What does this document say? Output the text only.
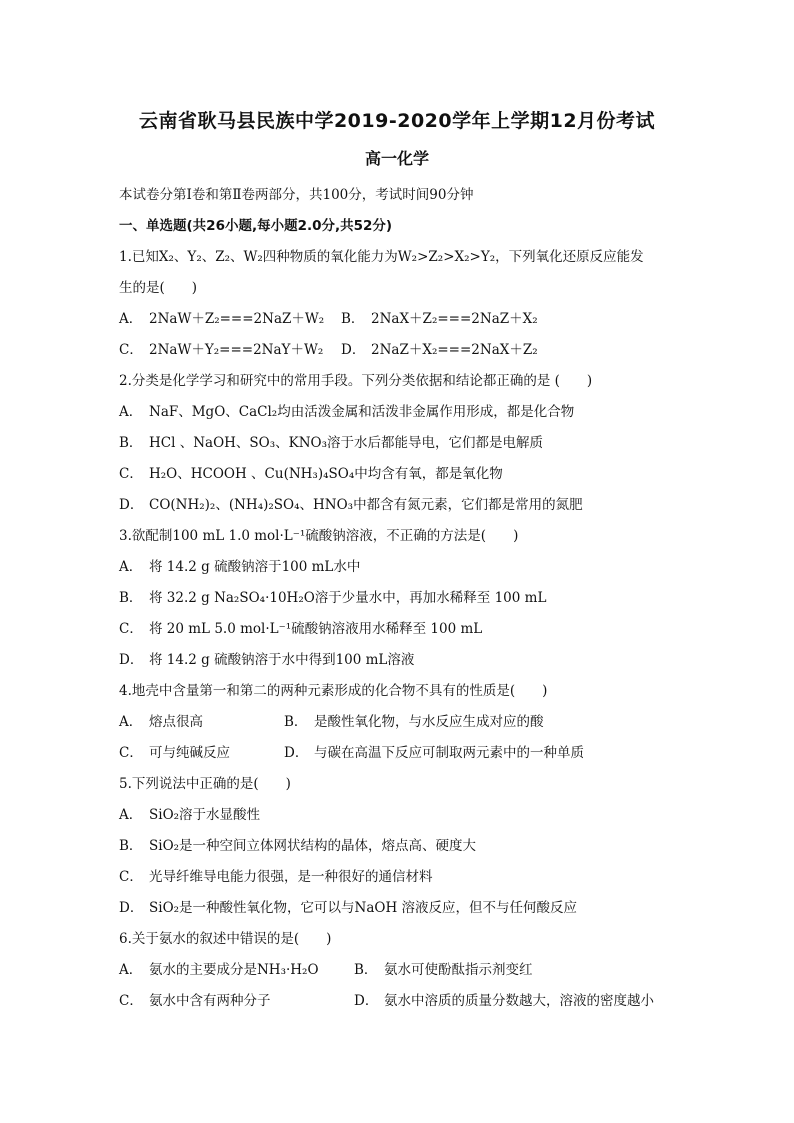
云南省耿马县民族中学2019-2020学年上学期12月份考试
高一化学
本试卷分第Ⅰ卷和第Ⅱ卷两部分，共100分，考试时间90分钟
一、单选题(共26小题,每小题2.0分,共52分)
1.已知X₂、Y₂、Z₂、W₂四种物质的氧化能力为W₂>Z₂>X₂>Y₂，下列氧化还原反应能发
生的是(　　)
A． 2NaW＋Z₂===2NaZ＋W₂	B． 2NaX＋Z₂===2NaZ＋X₂
C． 2NaW＋Y₂===2NaY＋W₂	D． 2NaZ＋X₂===2NaX＋Z₂
2.分类是化学学习和研究中的常用手段。下列分类依据和结论都正确的是 (　　)
A． NaF、MgO、CaCl₂均由活泼金属和活泼非金属作用形成，都是化合物
B． HCl 、NaOH、SO₃、KNO₃溶于水后都能导电，它们都是电解质
C． H₂O、HCOOH 、Cu(NH₃)₄SO₄中均含有氧，都是氧化物
D． CO(NH₂)₂、(NH₄)₂SO₄、HNO₃中都含有氮元素，它们都是常用的氮肥
3.欲配制100 mL 1.0 mol·L⁻¹硫酸钠溶液，不正确的方法是(　　)
A． 将 14.2 g 硫酸钠溶于100 mL水中
B． 将 32.2 g Na₂SO₄·10H₂O溶于少量水中，再加水稀释至 100 mL
C． 将 20 mL 5.0 mol·L⁻¹硫酸钠溶液用水稀释至 100 mL
D． 将 14.2 g 硫酸钠溶于水中得到100 mL溶液
4.地壳中含量第一和第二的两种元素形成的化合物不具有的性质是(　　)
A． 熔点很高	B． 是酸性氧化物，与水反应生成对应的酸
C． 可与纯碱反应	D． 与碳在高温下反应可制取两元素中的一种单质
5.下列说法中正确的是(　　)
A． SiO₂溶于水显酸性
B． SiO₂是一种空间立体网状结构的晶体，熔点高、硬度大
C． 光导纤维导电能力很强，是一种很好的通信材料
D． SiO₂是一种酸性氧化物，它可以与NaOH 溶液反应，但不与任何酸反应
6.关于氨水的叙述中错误的是(　　)
A． 氨水的主要成分是NH₃·H₂O	B． 氨水可使酚酞指示剂变红
C． 氨水中含有两种分子	D． 氨水中溶质的质量分数越大，溶液的密度越小
